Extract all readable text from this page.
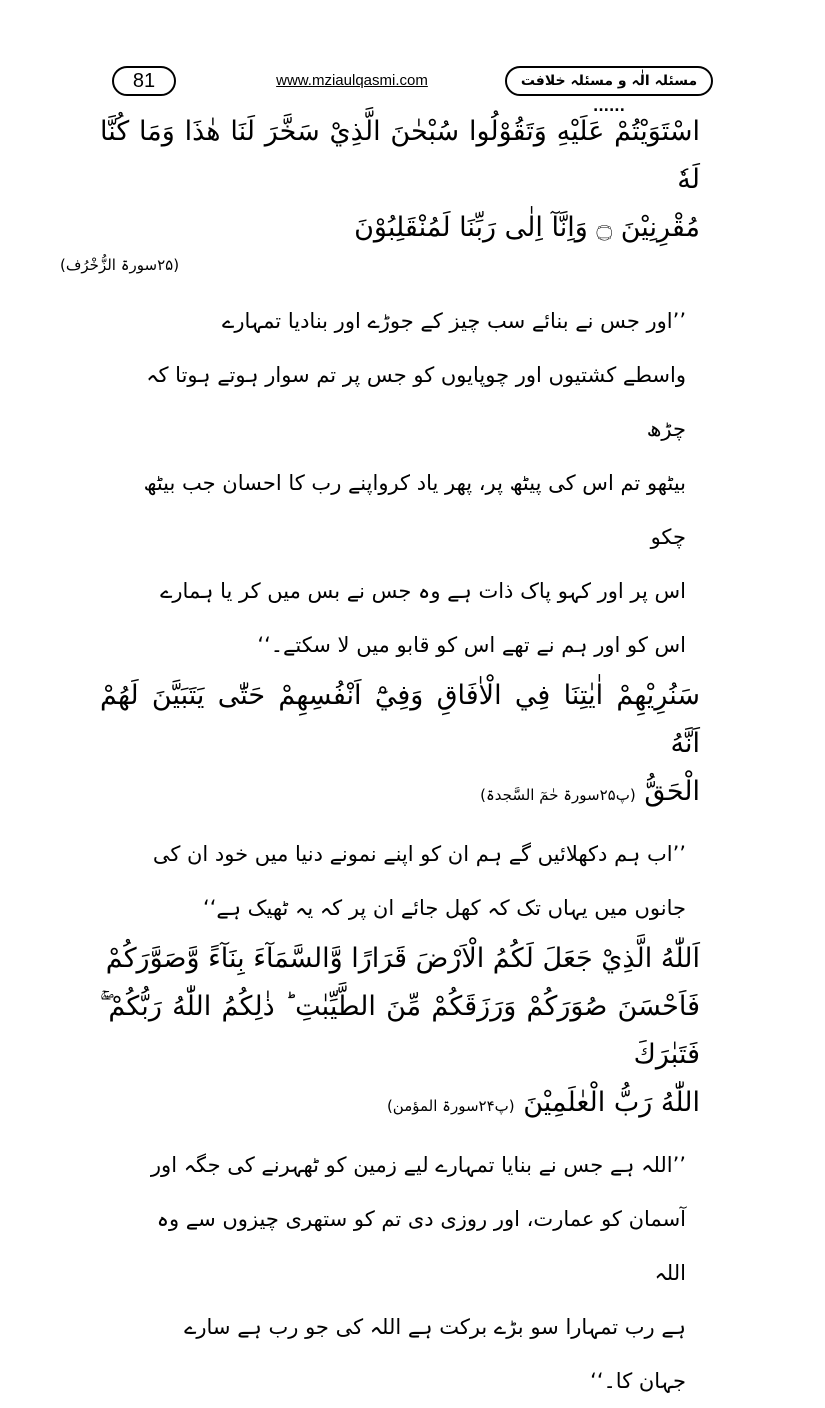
81	www.mziaulqasmi.com	مسئلہ الٰہ و مسئلہ خلافت ......

اسْتَوَيْتُمْ عَلَيْهِ وَتَقُوْلُوا سُبْحٰنَ الَّذِيْ سَخَّرَ لَنَا هٰذَا وَمَا كُنَّا لَهٗ

مُقْرِنِيْنَ ۝ وَاِنَّآ اِلٰى رَبِّنَا لَمُنْقَلِبُوْنَ

(۲۵سورۃ الزُّخْرُف)

’’اور جس نے بنائے سب چیز کے جوڑے اور بنادیا تمہارے
واسطے کشتیوں اور چوپایوں کو جس پر تم سوار ہوتے ہوتا کہ چڑھ
بیٹھو تم اس کی پیٹھ پر، پھر یاد کرواپنے رب کا احسان جب بیٹھ چکو
اس پر اور کہو پاک ذات ہے وہ جس نے بس میں کر یا ہمارے
اس کو اور ہم نے تھے اس کو قابو میں لا سکتے۔‘‘

سَنُرِيْهِمْ اٰيٰتِنَا فِي الْاٰفَاقِ وَفِيْٓ اَنْفُسِهِمْ حَتّٰى يَتَبَيَّنَ لَهُمْ اَنَّهُ

الْحَقُّ (پ۲۵سورۃ حٰمٓ السَّجدۃ)

’’اب ہم دکھلائیں گے ہم ان کو اپنے نمونے دنیا میں خود ان کی
جانوں میں یہاں تک کہ کھل جائے ان پر کہ یہ ٹھیک ہے‘‘

اَللّٰهُ الَّذِيْ جَعَلَ لَكُمُ الْاَرْضَ قَرَارًا وَّالسَّمَآءَ بِنَآءً وَّصَوَّرَكُمْ

فَاَحْسَنَ صُوَرَكُمْ وَرَزَقَكُمْ مِّنَ الطَّيِّبٰتِ ؕ ذٰلِكُمُ اللّٰهُ رَبُّكُمْ ۚۖ فَتَبٰرَكَ

اللّٰهُ رَبُّ الْعٰلَمِيْنَ (پ۲۴سورۃ المؤمن)

’’اللہ ہے جس نے بنایا تمہارے لیے زمین کو ٹھہرنے کی جگہ اور
آسمان کو عمارت، اور روزی دی تم کو ستھری چیزوں سے وہ اللہ
ہے رب تمہارا سو بڑے برکت ہے اللہ کی جو رب ہے سارے
جہان کا۔‘‘
